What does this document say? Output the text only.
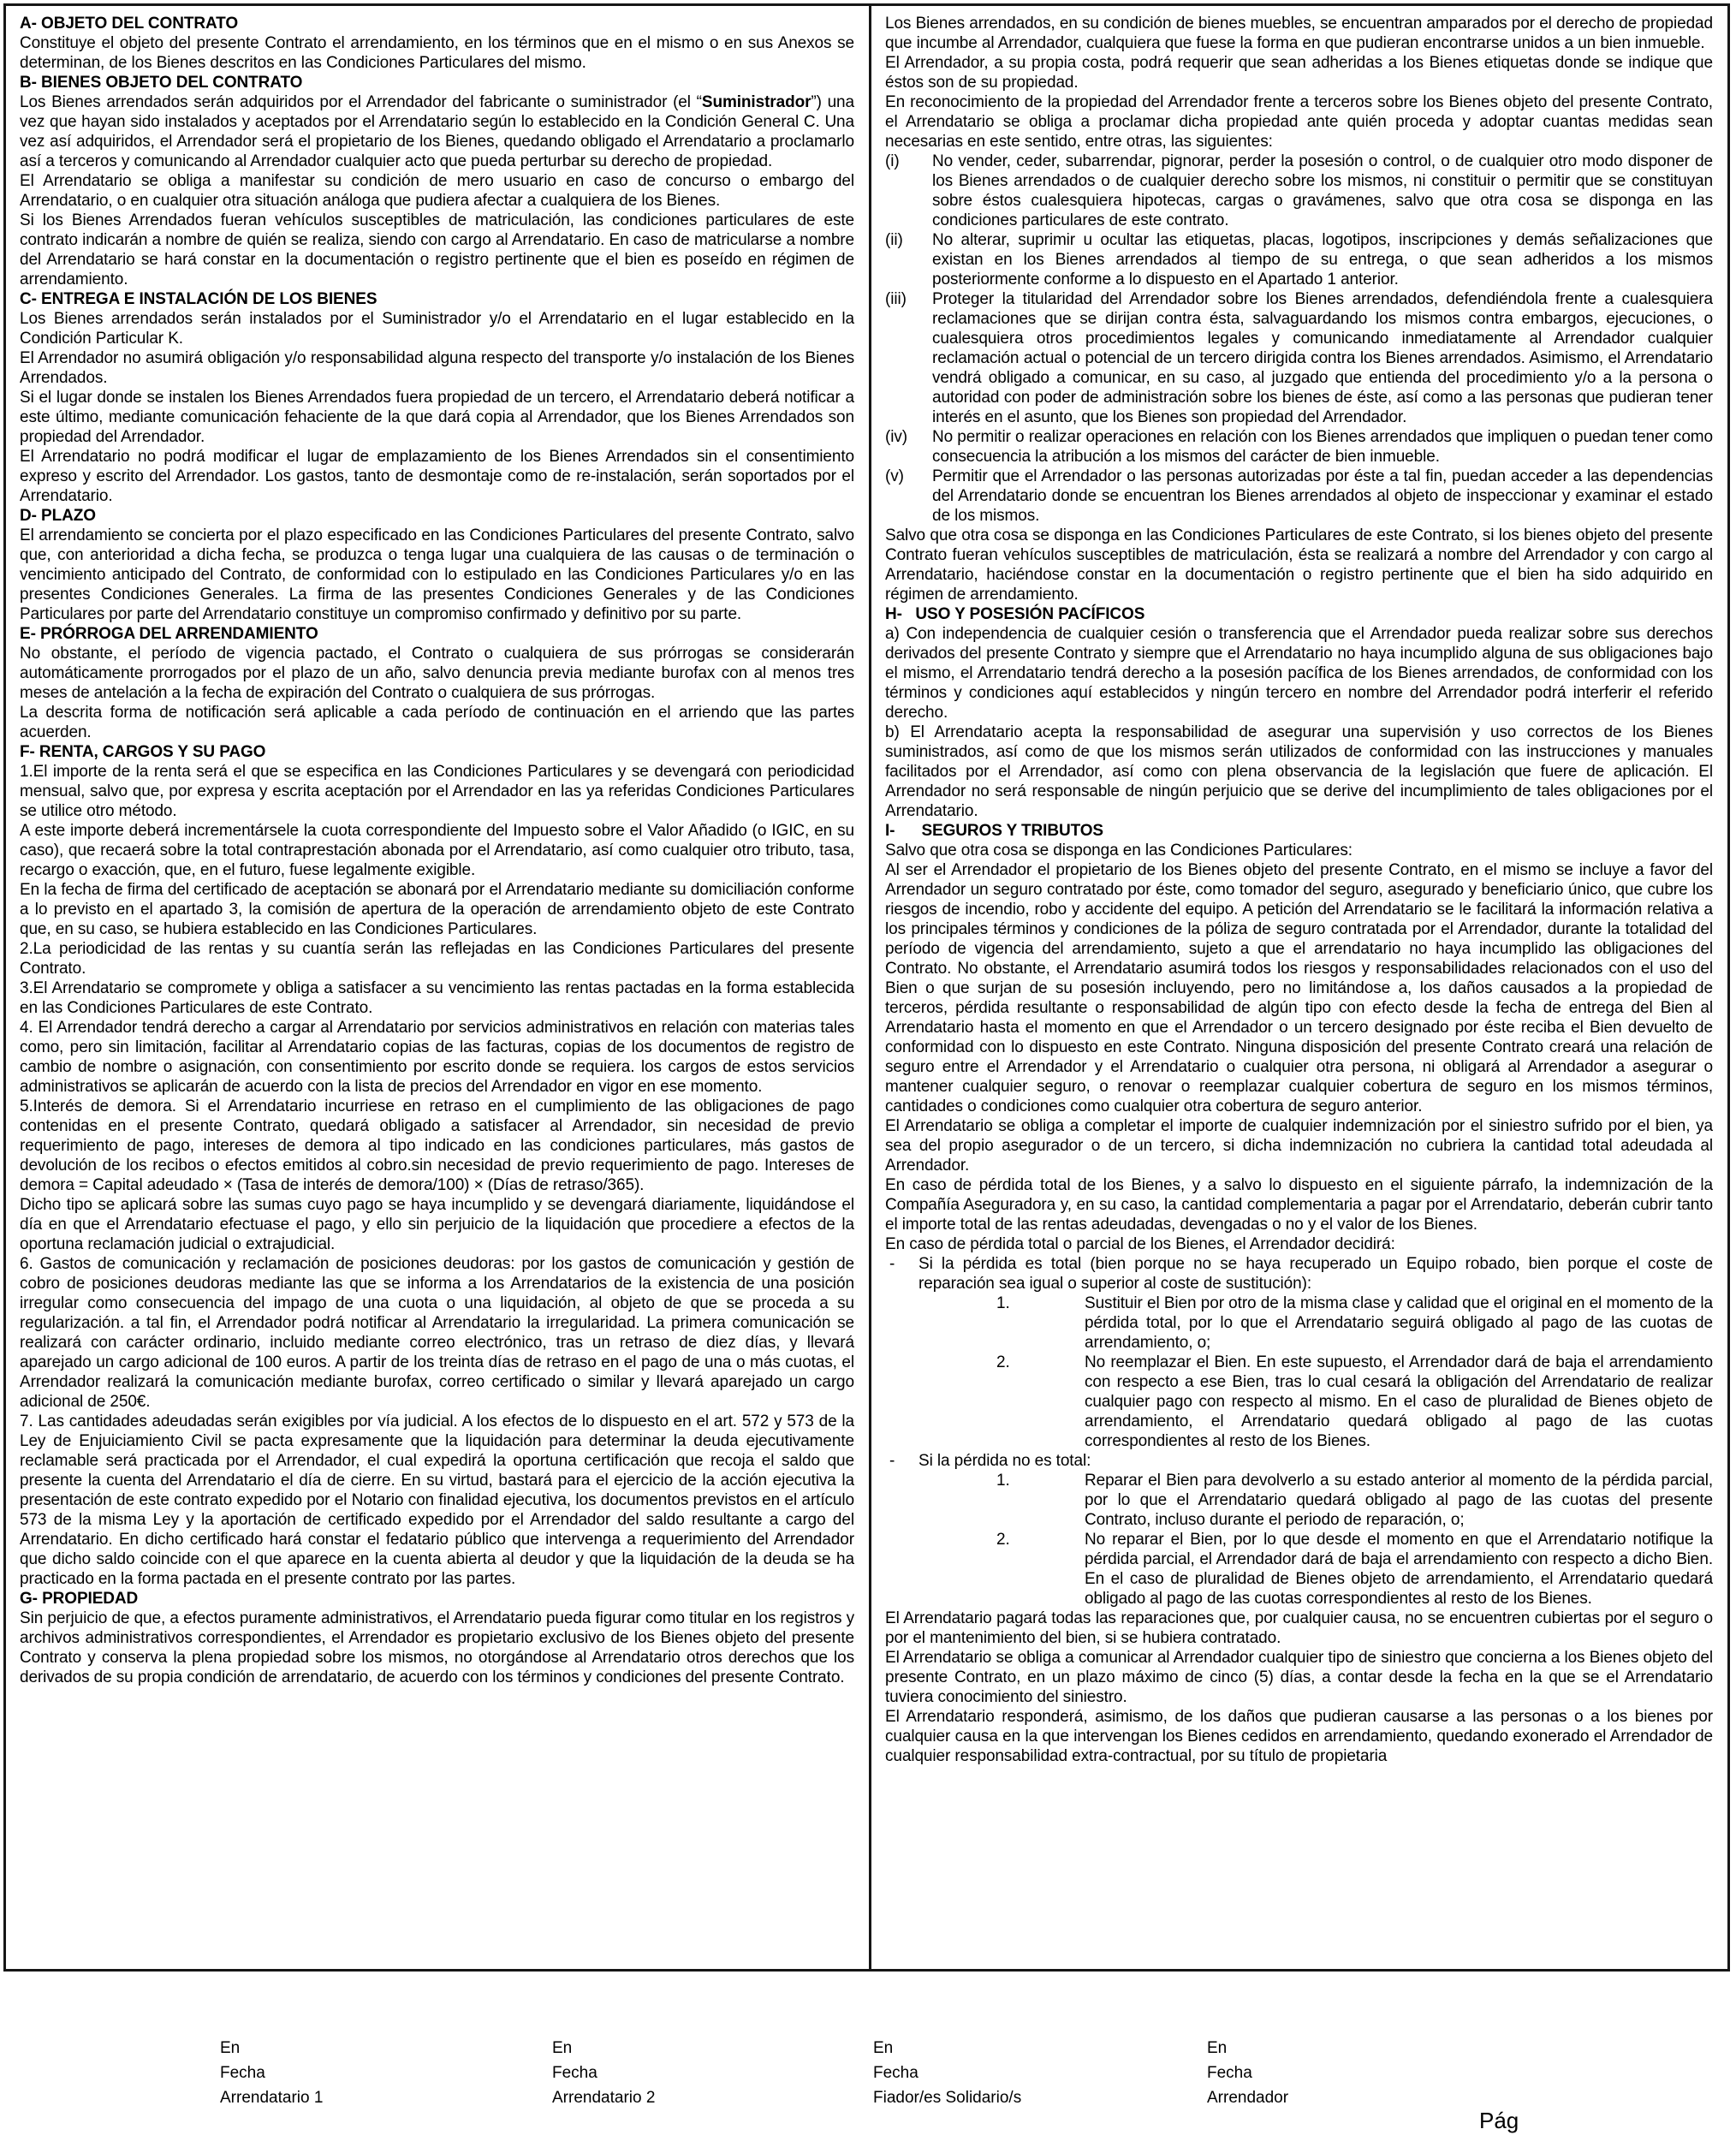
A- OBJETO DEL CONTRATO
Constituye el objeto del presente Contrato el arrendamiento, en los términos que en el mismo o en sus Anexos se determinan, de los Bienes descritos en las Condiciones Particulares del mismo.
B- BIENES OBJETO DEL CONTRATO
Los Bienes arrendados serán adquiridos por el Arrendador del fabricante o suministrador (el “Suministrador”) una vez que hayan sido instalados y aceptados por el Arrendatario según lo establecido en la Condición General C. Una vez así adquiridos, el Arrendador será el propietario de los Bienes, quedando obligado el Arrendatario a proclamarlo así a terceros y comunicando al Arrendador cualquier acto que pueda perturbar su derecho de propiedad.
El Arrendatario se obliga a manifestar su condición de mero usuario en caso de concurso o embargo del Arrendatario, o en cualquier otra situación análoga que pudiera afectar a cualquiera de los Bienes.
Si los Bienes Arrendados fueran vehículos susceptibles de matriculación, las condiciones particulares de este contrato indicarán a nombre de quién se realiza, siendo con cargo al Arrendatario. En caso de matricularse a nombre del Arrendatario se hará constar en la documentación o registro pertinente que el bien es poseído en régimen de arrendamiento.
C- ENTREGA E INSTALACIÓN DE LOS BIENES
Los Bienes arrendados serán instalados por el Suministrador y/o el Arrendatario en el lugar establecido en la Condición Particular K.
El Arrendador no asumirá obligación y/o responsabilidad alguna respecto del transporte y/o instalación de los Bienes Arrendados.
Si el lugar donde se instalen los Bienes Arrendados fuera propiedad de un tercero, el Arrendatario deberá notificar a este último, mediante comunicación fehaciente de la que dará copia al Arrendador, que los Bienes Arrendados son propiedad del Arrendador.
El Arrendatario no podrá modificar el lugar de emplazamiento de los Bienes Arrendados sin el consentimiento expreso y escrito del Arrendador. Los gastos, tanto de desmontaje como de re-instalación, serán soportados por el Arrendatario.
D- PLAZO
El arrendamiento se concierta por el plazo especificado en las Condiciones Particulares del presente Contrato, salvo que, con anterioridad a dicha fecha, se produzca o tenga lugar una cualquiera de las causas o de terminación o vencimiento anticipado del Contrato, de conformidad con lo estipulado en las Condiciones Particulares y/o en las presentes Condiciones Generales. La firma de las presentes Condiciones Generales y de las Condiciones Particulares por parte del Arrendatario constituye un compromiso confirmado y definitivo por su parte.
E- PRÓRROGA DEL ARRENDAMIENTO
No obstante, el período de vigencia pactado, el Contrato o cualquiera de sus prórrogas se considerarán automáticamente prorrogados por el plazo de un año, salvo denuncia previa mediante burofax con al menos tres meses de antelación a la fecha de expiración del Contrato o cualquiera de sus prórrogas.
La descrita forma de notificación será aplicable a cada período de continuación en el arriendo que las partes acuerden.
F- RENTA, CARGOS Y SU PAGO
1.El importe de la renta será el que se especifica en las Condiciones Particulares y se devengará con periodicidad mensual, salvo que, por expresa y escrita aceptación por el Arrendador en las ya referidas Condiciones Particulares se utilice otro método.
A este importe deberá incrementársele la cuota correspondiente del Impuesto sobre el Valor Añadido (o IGIC, en su caso), que recaerá sobre la total contraprestación abonada por el Arrendatario, así como cualquier otro tributo, tasa, recargo o exacción, que, en el futuro, fuese legalmente exigible.
En la fecha de firma del certificado de aceptación se abonará por el Arrendatario mediante su domiciliación conforme a lo previsto en el apartado 3, la comisión de apertura de la operación de arrendamiento objeto de este Contrato que, en su caso, se hubiera establecido en las Condiciones Particulares.
2.La periodicidad de las rentas y su cuantía serán las reflejadas en las Condiciones Particulares del presente Contrato.
3.El Arrendatario se compromete y obliga a satisfacer a su vencimiento las rentas pactadas en la forma establecida en las Condiciones Particulares de este Contrato.
4. El Arrendador tendrá derecho a cargar al Arrendatario por servicios administrativos en relación con materias tales como, pero sin limitación, facilitar al Arrendatario copias de las facturas, copias de los documentos de registro de cambio de nombre o asignación, con consentimiento por escrito donde se requiera. los cargos de estos servicios administrativos se aplicarán de acuerdo con la lista de precios del Arrendador en vigor en ese momento.
5.Interés de demora. Si el Arrendatario incurriese en retraso en el cumplimiento de las obligaciones de pago contenidas en el presente Contrato, quedará obligado a satisfacer al Arrendador, sin necesidad de previo requerimiento de pago, intereses de demora al tipo indicado en las condiciones particulares, más gastos de devolución de los recibos o efectos emitidos al cobro.sin necesidad de previo requerimiento de pago. Intereses de demora = Capital adeudado × (Tasa de interés de demora/100) × (Días de retraso/365).
Dicho tipo se aplicará sobre las sumas cuyo pago se haya incumplido y se devengará diariamente, liquidándose el día en que el Arrendatario efectuase el pago, y ello sin perjuicio de la liquidación que procediere a efectos de la oportuna reclamación judicial o extrajudicial.
6. Gastos de comunicación y reclamación de posiciones deudoras: por los gastos de comunicación y gestión de cobro de posiciones deudoras mediante las que se informa a los Arrendatarios de la existencia de una posición irregular como consecuencia del impago de una cuota o una liquidación, al objeto de que se proceda a su regularización. a tal fin, el Arrendador podrá notificar al Arrendatario la irregularidad. La primera comunicación se realizará con carácter ordinario, incluido mediante correo electrónico, tras un retraso de diez días, y llevará aparejado un cargo adicional de 100 euros. A partir de los treinta días de retraso en el pago de una o más cuotas, el Arrendador realizará la comunicación mediante burofax, correo certificado o similar y llevará aparejado un cargo adicional de 250€.
7. Las cantidades adeudadas serán exigibles por vía judicial. A los efectos de lo dispuesto en el art. 572 y 573 de la Ley de Enjuiciamiento Civil se pacta expresamente que la liquidación para determinar la deuda ejecutivamente reclamable será practicada por el Arrendador, el cual expedirá la oportuna certificación que recoja el saldo que presente la cuenta del Arrendatario el día de cierre. En su virtud, bastará para el ejercicio de la acción ejecutiva la presentación de este contrato expedido por el Notario con finalidad ejecutiva, los documentos previstos en el artículo 573 de la misma Ley y la aportación de certificado expedido por el Arrendador del saldo resultante a cargo del Arrendatario. En dicho certificado hará constar el fedatario público que intervenga a requerimiento del Arrendador que dicho saldo coincide con el que aparece en la cuenta abierta al deudor y que la liquidación de la deuda se ha practicado en la forma pactada en el presente contrato por las partes.
G- PROPIEDAD
Sin perjuicio de que, a efectos puramente administrativos, el Arrendatario pueda figurar como titular en los registros y archivos administrativos correspondientes, el Arrendador es propietario exclusivo de los Bienes objeto del presente Contrato y conserva la plena propiedad sobre los mismos, no otorgándose al Arrendatario otros derechos que los derivados de su propia condición de arrendatario, de acuerdo con los términos y condiciones del presente Contrato.
Los Bienes arrendados, en su condición de bienes muebles, se encuentran amparados por el derecho de propiedad que incumbe al Arrendador, cualquiera que fuese la forma en que pudieran encontrarse unidos a un bien inmueble.
El Arrendador, a su propia costa, podrá requerir que sean adheridas a los Bienes etiquetas donde se indique que éstos son de su propiedad.
En reconocimiento de la propiedad del Arrendador frente a terceros sobre los Bienes objeto del presente Contrato, el Arrendatario se obliga a proclamar dicha propiedad ante quién proceda y adoptar cuantas medidas sean necesarias en este sentido, entre otras, las siguientes:
(i)	No vender, ceder, subarrendar, pignorar, perder la posesión o control, o de cualquier otro modo disponer de los Bienes arrendados o de cualquier derecho sobre los mismos, ni constituir o permitir que se constituyan sobre éstos cualesquiera hipotecas, cargas o gravámenes, salvo que otra cosa se disponga en las condiciones particulares de este contrato.
(ii)	No alterar, suprimir u ocultar las etiquetas, placas, logotipos, inscripciones y demás señalizaciones que existan en los Bienes arrendados al tiempo de su entrega, o que sean adheridos a los mismos posteriormente conforme a lo dispuesto en el Apartado 1 anterior.
(iii)	Proteger la titularidad del Arrendador sobre los Bienes arrendados, defendiéndola frente a cualesquiera reclamaciones que se dirijan contra ésta, salvaguardando los mismos contra embargos, ejecuciones, o cualesquiera otros procedimientos legales y comunicando inmediatamente al Arrendador cualquier reclamación actual o potencial de un tercero dirigida contra los Bienes arrendados. Asimismo, el Arrendatario vendrá obligado a comunicar, en su caso, al juzgado que entienda del procedimiento y/o a la persona o autoridad con poder de administración sobre los bienes de éste, así como a las personas que pudieran tener interés en el asunto, que los Bienes son propiedad del Arrendador.
(iv)	No permitir o realizar operaciones en relación con los Bienes arrendados que impliquen o puedan tener como consecuencia la atribución a los mismos del carácter de bien inmueble.
(v)	Permitir que el Arrendador o las personas autorizadas por éste a tal fin, puedan acceder a las dependencias del Arrendatario donde se encuentran los Bienes arrendados al objeto de inspeccionar y examinar el estado de los mismos.
Salvo que otra cosa se disponga en las Condiciones Particulares de este Contrato, si los bienes objeto del presente Contrato fueran vehículos susceptibles de matriculación, ésta se realizará a nombre del Arrendador y con cargo al Arrendatario, haciéndose constar en la documentación o registro pertinente que el bien ha sido adquirido en régimen de arrendamiento.
H-   USO Y POSESIÓN PACÍFICOS
a) Con independencia de cualquier cesión o transferencia que el Arrendador pueda realizar sobre sus derechos derivados del presente Contrato y siempre que el Arrendatario no haya incumplido alguna de sus obligaciones bajo el mismo, el Arrendatario tendrá derecho a la posesión pacífica de los Bienes arrendados, de conformidad con los términos y condiciones aquí establecidos y ningún tercero en nombre del Arrendador podrá interferir el referido derecho.
b) El Arrendatario acepta la responsabilidad de asegurar una supervisión y uso correctos de los Bienes suministrados, así como de que los mismos serán utilizados de conformidad con las instrucciones y manuales facilitados por el Arrendador, así como con plena observancia de la legislación que fuere de aplicación. El Arrendador no será responsable de ningún perjuicio que se derive del incumplimiento de tales obligaciones por el Arrendatario.
I-      SEGUROS Y TRIBUTOS
Salvo que otra cosa se disponga en las Condiciones Particulares:
Al ser el Arrendador el propietario de los Bienes objeto del presente Contrato, en el mismo se incluye a favor del Arrendador un seguro contratado por éste, como tomador del seguro, asegurado y beneficiario único, que cubre los riesgos de incendio, robo y accidente del equipo. A petición del Arrendatario se le facilitará la información relativa a los principales términos y condiciones de la póliza de seguro contratada por el Arrendador, durante la totalidad del período de vigencia del arrendamiento, sujeto a que el arrendatario no haya incumplido las obligaciones del Contrato. No obstante, el Arrendatario asumirá todos los riesgos y responsabilidades relacionados con el uso del Bien o que surjan de su posesión incluyendo, pero no limitándose a, los daños causados a la propiedad de terceros, pérdida resultante o responsabilidad de algún tipo con efecto desde la fecha de entrega del Bien al Arrendatario hasta el momento en que el Arrendador o un tercero designado por éste reciba el Bien devuelto de conformidad con lo dispuesto en este Contrato. Ninguna disposición del presente Contrato creará una relación de seguro entre el Arrendador y el Arrendatario o cualquier otra persona, ni obligará al Arrendador a asegurar o mantener cualquier seguro, o renovar o reemplazar cualquier cobertura de seguro en los mismos términos, cantidades o condiciones como cualquier otra cobertura de seguro anterior.
El Arrendatario se obliga a completar el importe de cualquier indemnización por el siniestro sufrido por el bien, ya sea del propio asegurador o de un tercero, si dicha indemnización no cubriera la cantidad total adeudada al Arrendador.
En caso de pérdida total de los Bienes, y a salvo lo dispuesto en el siguiente párrafo, la indemnización de la Compañía Aseguradora y, en su caso, la cantidad complementaria a pagar por el Arrendatario, deberán cubrir tanto el importe total de las rentas adeudadas, devengadas o no y el valor de los Bienes.
En caso de pérdida total o parcial de los Bienes, el Arrendador decidirá:
-	Si la pérdida es total (bien porque no se haya recuperado un Equipo robado, bien porque el coste de reparación sea igual o superior al coste de sustitución):
1.	Sustituir el Bien por otro de la misma clase y calidad que el original en el momento de la pérdida total, por lo que el Arrendatario seguirá obligado al pago de las cuotas de arrendamiento, o;
2.	No reemplazar el Bien. En este supuesto, el Arrendador dará de baja el arrendamiento con respecto a ese Bien, tras lo cual cesará la obligación del Arrendatario de realizar cualquier pago con respecto al mismo. En el caso de pluralidad de Bienes objeto de arrendamiento, el Arrendatario quedará obligado al pago de las cuotas correspondientes al resto de los Bienes.
-	Si la pérdida no es total:
1.	Reparar el Bien para devolverlo a su estado anterior al momento de la pérdida parcial, por lo que el Arrendatario quedará obligado al pago de las cuotas del presente Contrato, incluso durante el periodo de reparación, o;
2.	No reparar el Bien, por lo que desde el momento en que el Arrendatario notifique la pérdida parcial, el Arrendador dará de baja el arrendamiento con respecto a dicho Bien. En el caso de pluralidad de Bienes objeto de arrendamiento, el Arrendatario quedará obligado al pago de las cuotas correspondientes al resto de los Bienes.
El Arrendatario pagará todas las reparaciones que, por cualquier causa, no se encuentren cubiertas por el seguro o por el mantenimiento del bien, si se hubiera contratado.
El Arrendatario se obliga a comunicar al Arrendador cualquier tipo de siniestro que concierna a los Bienes objeto del presente Contrato, en un plazo máximo de cinco (5) días, a contar desde la fecha en la que se el Arrendatario tuviera conocimiento del siniestro.
El Arrendatario responderá, asimismo, de los daños que pudieran causarse a las personas o a los bienes por cualquier causa en la que intervengan los Bienes cedidos en arrendamiento, quedando exonerado el Arrendador de cualquier responsabilidad extra-contractual, por su título de propietaria
En
Fecha
Arrendatario 1
En
Fecha
Arrendatario 2
En
Fecha
Fiador/es Solidario/s
En
Fecha
Arrendador
Pág
